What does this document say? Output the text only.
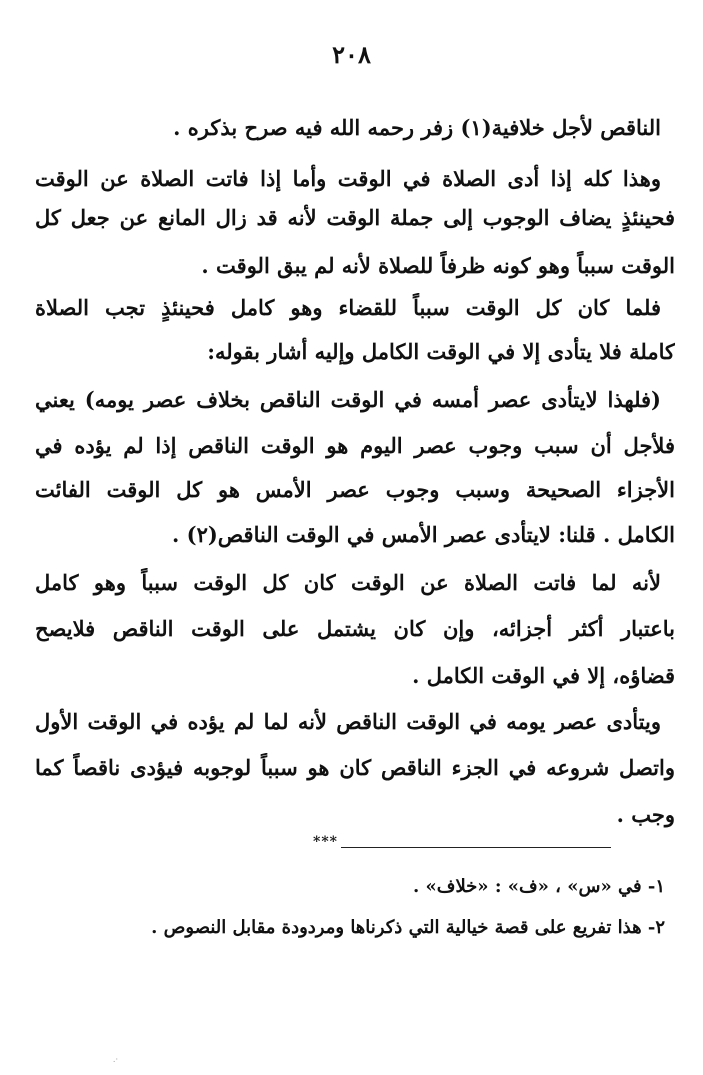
٢٠٨
الناقص لأجل خلافية(١) زفر رحمه الله فيه صرح بذكره .
وهذا كله إذا أدى الصلاة في الوقت وأما إذا فاتت الصلاة عن الوقت
فحينئذٍ يضاف الوجوب إلى جملة الوقت لأنه قد زال المانع عن جعل كل
الوقت سبباً وهو كونه ظرفاً للصلاة لأنه لم يبق الوقت .
فلما كان كل الوقت سبباً للقضاء وهو كامل فحينئذٍ تجب الصلاة
كاملة فلا يتأدى إلا في الوقت الكامل وإليه أشار بقوله:
(فلهذا لايتأدى عصر أمسه في الوقت الناقص بخلاف عصر يومه) يعني
فلأجل أن سبب وجوب عصر اليوم هو الوقت الناقص إذا لم يؤده في
الأجزاء الصحيحة وسبب وجوب عصر الأمس هو كل الوقت الفائت
الكامل . قلنا: لايتأدى عصر الأمس في الوقت الناقص(٢) .
لأنه لما فاتت الصلاة عن الوقت كان كل الوقت سبباً وهو كامل
باعتبار أكثر أجزائه، وإن كان يشتمل على الوقت الناقص فلايصح
قضاؤه، إلا في الوقت الكامل .
ويتأدى عصر يومه في الوقت الناقص لأنه لما لم يؤده في الوقت الأول
واتصل شروعه في الجزء الناقص كان هو سبباً لوجوبه فيؤدى ناقصاً كما
وجب .
***
١- في «س» ، «ف» : «خلاف» .
٢- هذا تفريع على قصة خيالية التي ذكرناها ومردودة مقابل النصوص .
·.
